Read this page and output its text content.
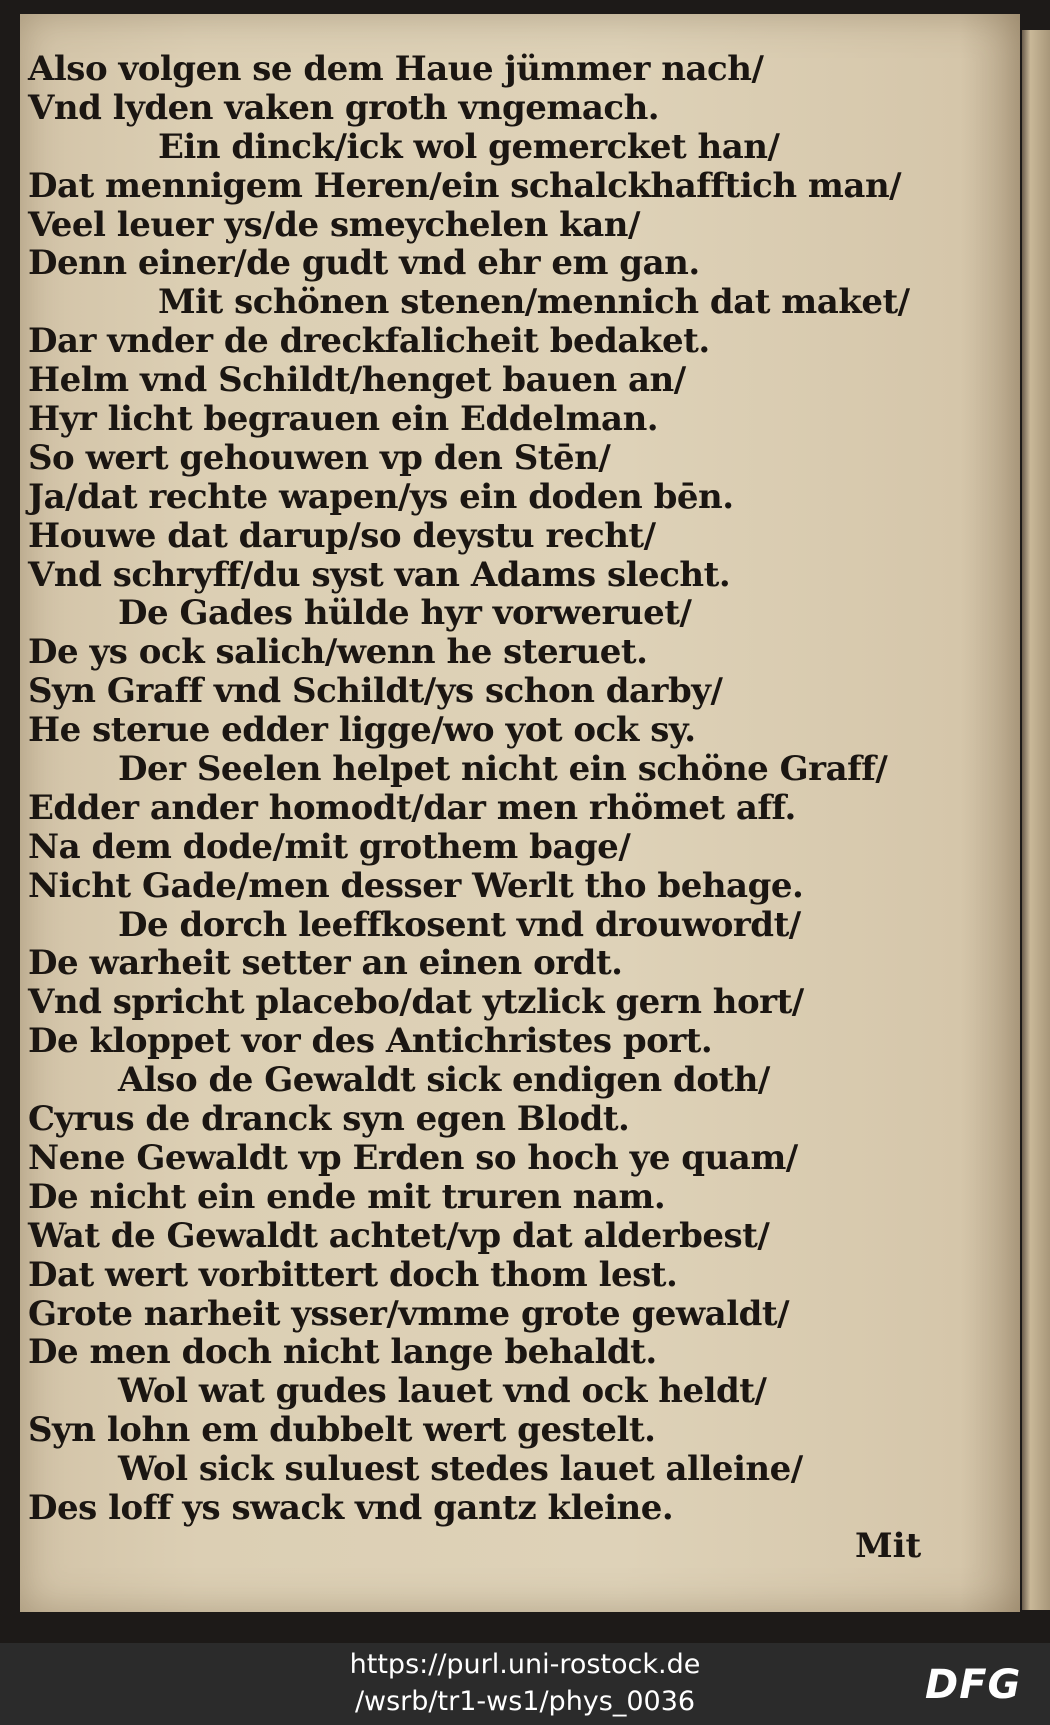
Also volgen se dem Haue jümmer nach/
Vnd lyden vaken groth vngemach.
Ein dinck/ick wol gemercket han/
Dat mennigem Heren/ein schalckhafftich man/
Veel leuer ys/de smeychelen kan/
Denn einer/de gudt vnd ehr em gan.
Mit schönen stenen/mennich dat maket/
Dar vnder de dreckfalicheit bedaket.
Helm vnd Schildt/henget bauen an/
Hyr licht begrauen ein Eddelman.
So wert gehouwen vp den Stēn/
Ja/dat rechte wapen/ys ein doden bēn.
Houwe dat darup/so deystu recht/
Vnd schryff/du syst van Adams slecht.
De Gades hülde hyr vorweruet/
De ys ock salich/wenn he steruet.
Syn Graff vnd Schildt/ys schon darby/
He sterue edder ligge/wo yot ock sy.
Der Seelen helpet nicht ein schöne Graff/
Edder ander homodt/dar men rhömet aff.
Na dem dode/mit grothem bage/
Nicht Gade/men desser Werlt tho behage.
De dorch leeffkosent vnd drouwordt/
De warheit setter an einen ordt.
Vnd spricht placebo/dat ytzlick gern hort/
De kloppet vor des Antichristes port.
Also de Gewaldt sick endigen doth/
Cyrus de dranck syn egen Blodt.
Nene Gewaldt vp Erden so hoch ye quam/
De nicht ein ende mit truren nam.
Wat de Gewaldt achtet/vp dat alderbest/
Dat wert vorbittert doch thom lest.
Grote narheit ysser/vmme grote gewaldt/
De men doch nicht lange behaldt.
Wol wat gudes lauet vnd ock heldt/
Syn lohn em dubbelt wert gestelt.
Wol sick suluest stedes lauet alleine/
Des loff ys swack vnd gantz kleine.
Mit
https://purl.uni-rostock.de
/wsrb/tr1-ws1/phys_0036	DFG
